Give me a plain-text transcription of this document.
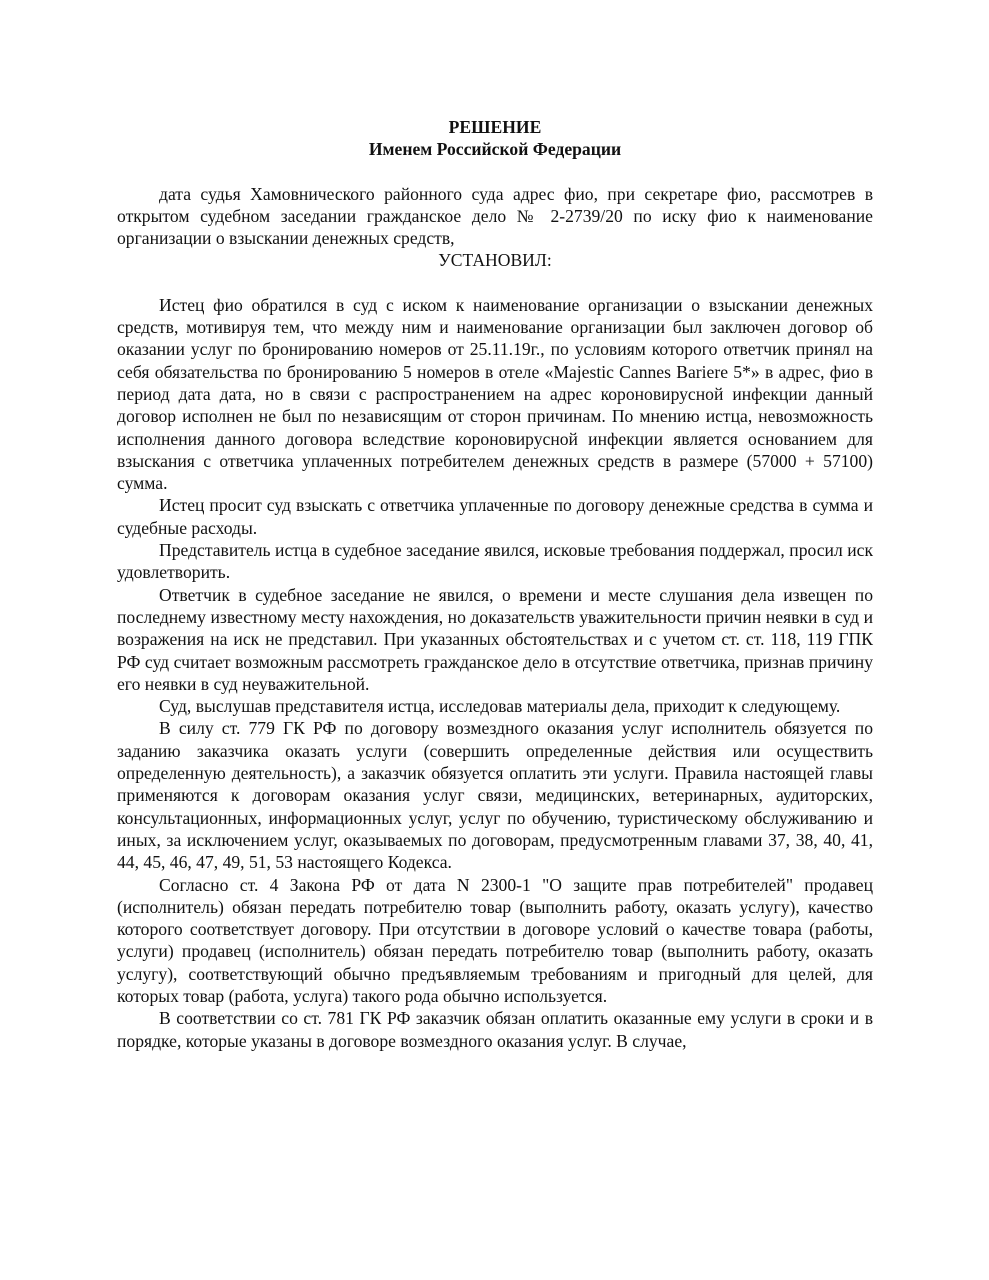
РЕШЕНИЕ

Именем Российской Федерации

дата судья Хамовнического районного суда адрес фио, при секретаре фио, рассмотрев в открытом судебном заседании гражданское дело № 2-2739/20 по иску фио к наименование организации о взыскании денежных средств,

УСТАНОВИЛ:

Истец фио обратился в суд с иском к наименование организации о взыскании денежных средств, мотивируя тем, что между ним и наименование организации был заключен договор об оказании услуг по бронированию номеров от 25.11.19г., по условиям которого ответчик принял на себя обязательства по бронированию 5 номеров в отеле «Majestic Cannes Bariere 5*» в адрес, фио в период дата дата, но в связи с распространением на адрес короновирусной инфекции данный договор исполнен не был по независящим от сторон причинам. По мнению истца, невозможность исполнения данного договора вследствие короновирусной инфекции является основанием для взыскания с ответчика уплаченных потребителем денежных средств в размере (57000 + 57100) сумма.

Истец просит суд взыскать с ответчика уплаченные по договору денежные средства в сумма и судебные расходы.

Представитель истца в судебное заседание явился, исковые требования поддержал, просил иск удовлетворить.

Ответчик в судебное заседание не явился, о времени и месте слушания дела извещен по последнему известному месту нахождения, но доказательств уважительности причин неявки в суд и возражения на иск не представил. При указанных обстоятельствах и с учетом ст. ст. 118, 119 ГПК РФ суд считает возможным рассмотреть гражданское дело в отсутствие ответчика, признав причину его неявки в суд неуважительной.

Суд, выслушав представителя истца, исследовав материалы дела, приходит к следующему.

В силу ст. 779 ГК РФ по договору возмездного оказания услуг исполнитель обязуется по заданию заказчика оказать услуги (совершить определенные действия или осуществить определенную деятельность), а заказчик обязуется оплатить эти услуги. Правила настоящей главы применяются к договорам оказания услуг связи, медицинских, ветеринарных, аудиторских, консультационных, информационных услуг, услуг по обучению, туристическому обслуживанию и иных, за исключением услуг, оказываемых по договорам, предусмотренным главами 37, 38, 40, 41, 44, 45, 46, 47, 49, 51, 53 настоящего Кодекса.

Согласно ст. 4 Закона РФ от дата N 2300-1 "О защите прав потребителей" продавец (исполнитель) обязан передать потребителю товар (выполнить работу, оказать услугу), качество которого соответствует договору. При отсутствии в договоре условий о качестве товара (работы, услуги) продавец (исполнитель) обязан передать потребителю товар (выполнить работу, оказать услугу), соответствующий обычно предъявляемым требованиям и пригодный для целей, для которых товар (работа, услуга) такого рода обычно используется.

В соответствии со ст. 781 ГК РФ заказчик обязан оплатить оказанные ему услуги в сроки и в порядке, которые указаны в договоре возмездного оказания услуг. В случае,
